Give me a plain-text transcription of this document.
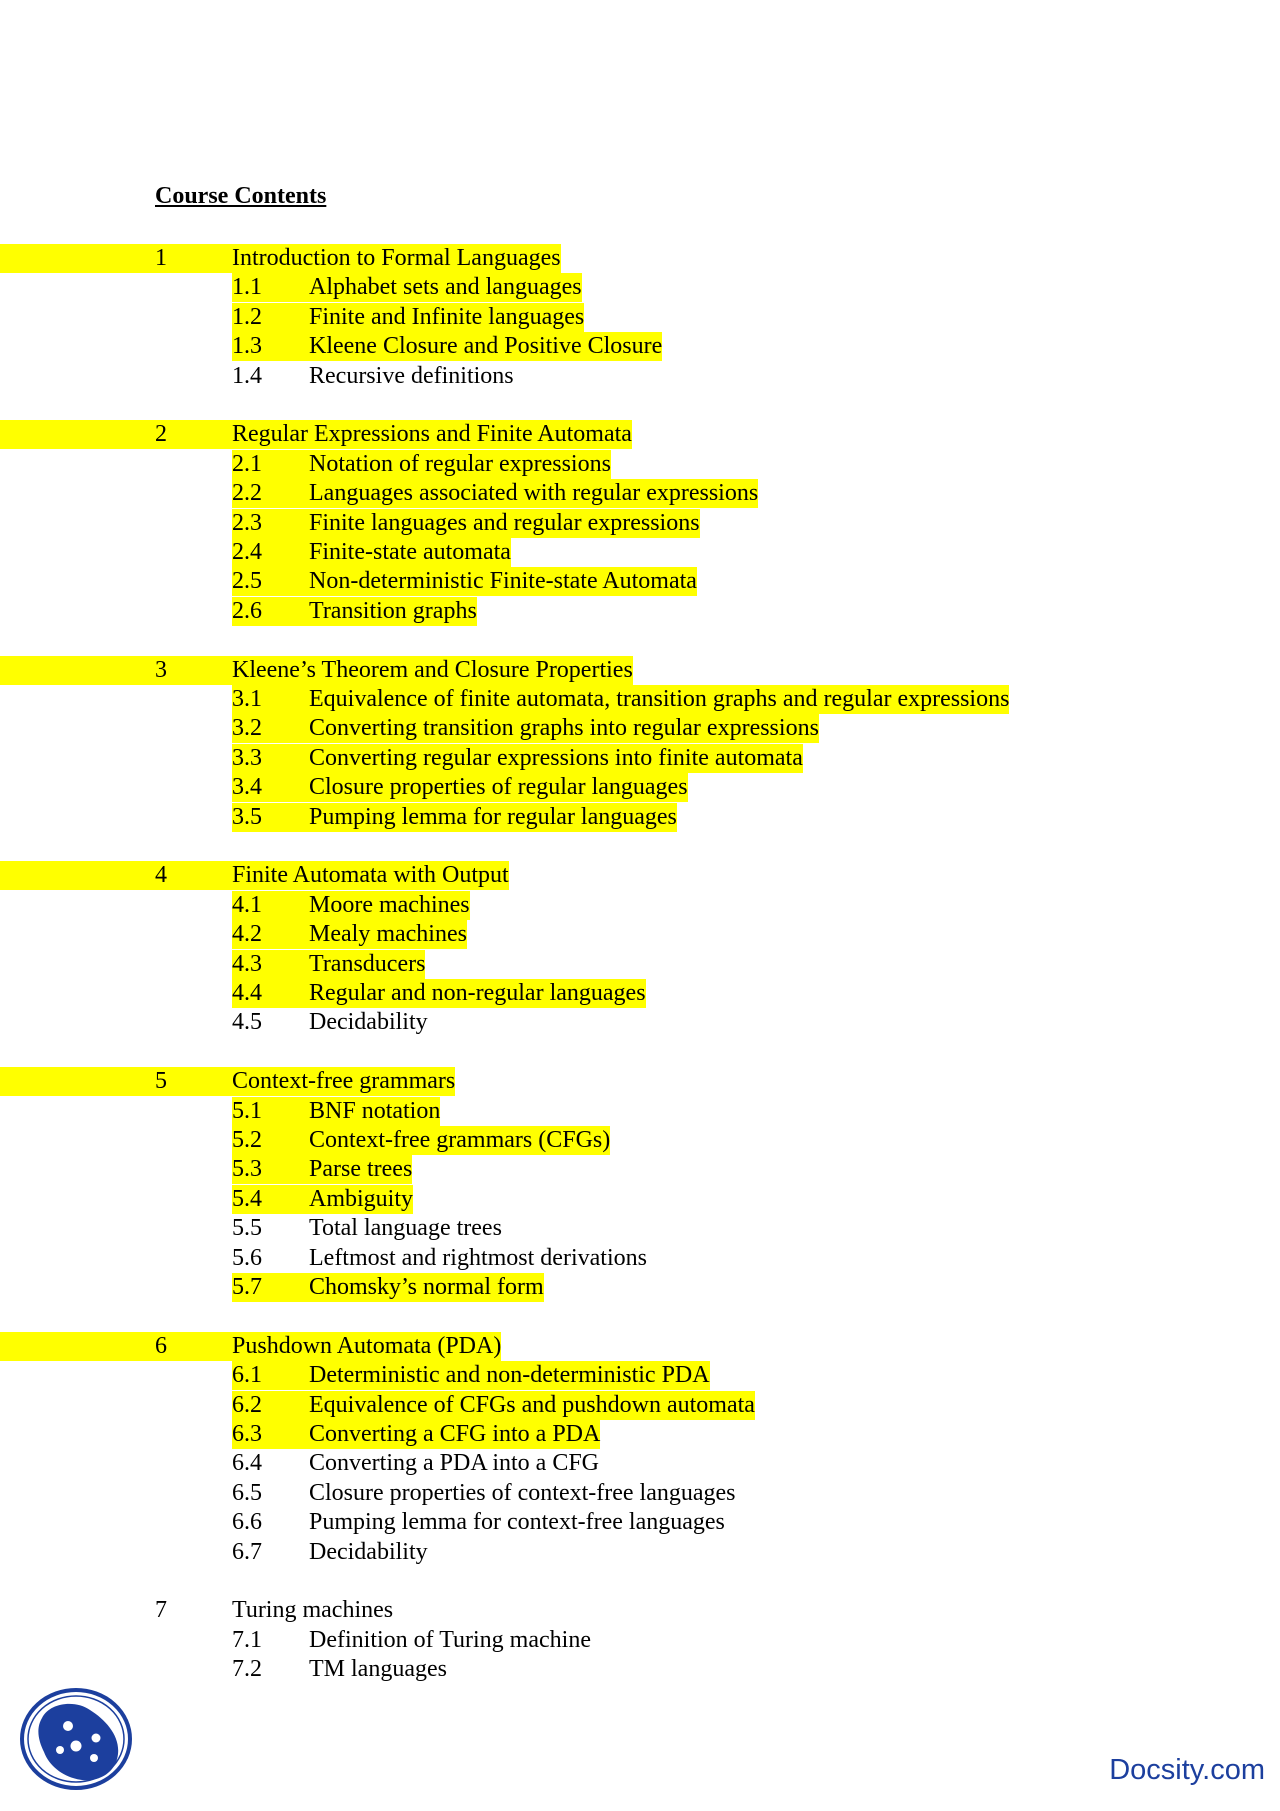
Course Contents
1	Introduction to Formal Languages
1.1 Alphabet sets and languages
1.2 Finite and Infinite languages
1.3 Kleene Closure and Positive Closure
1.4 Recursive definitions
2	Regular Expressions and Finite Automata
2.1 Notation of regular expressions
2.2 Languages associated with regular expressions
2.3 Finite languages and regular expressions
2.4 Finite-state automata
2.5 Non-deterministic Finite-state Automata
2.6 Transition graphs
3	Kleene’s Theorem and Closure Properties
3.1 Equivalence of finite automata, transition graphs and regular expressions
3.2 Converting transition graphs into regular expressions
3.3 Converting regular expressions into finite automata
3.4 Closure properties of regular languages
3.5 Pumping lemma for regular languages
4	Finite Automata with Output
4.1 Moore machines
4.2 Mealy machines
4.3 Transducers
4.4 Regular and non-regular languages
4.5 Decidability
5	Context-free grammars
5.1 BNF notation
5.2 Context-free grammars (CFGs)
5.3 Parse trees
5.4 Ambiguity
5.5 Total language trees
5.6 Leftmost and rightmost derivations
5.7 Chomsky’s normal form
6	Pushdown Automata (PDA)
6.1 Deterministic and non-deterministic PDA
6.2 Equivalence of CFGs and pushdown automata
6.3 Converting a CFG into a PDA
6.4 Converting a PDA into a CFG
6.5 Closure properties of context-free languages
6.6 Pumping lemma for context-free languages
6.7 Decidability
7	Turing machines
7.1 Definition of Turing machine
7.2 TM languages
Docsity.com
